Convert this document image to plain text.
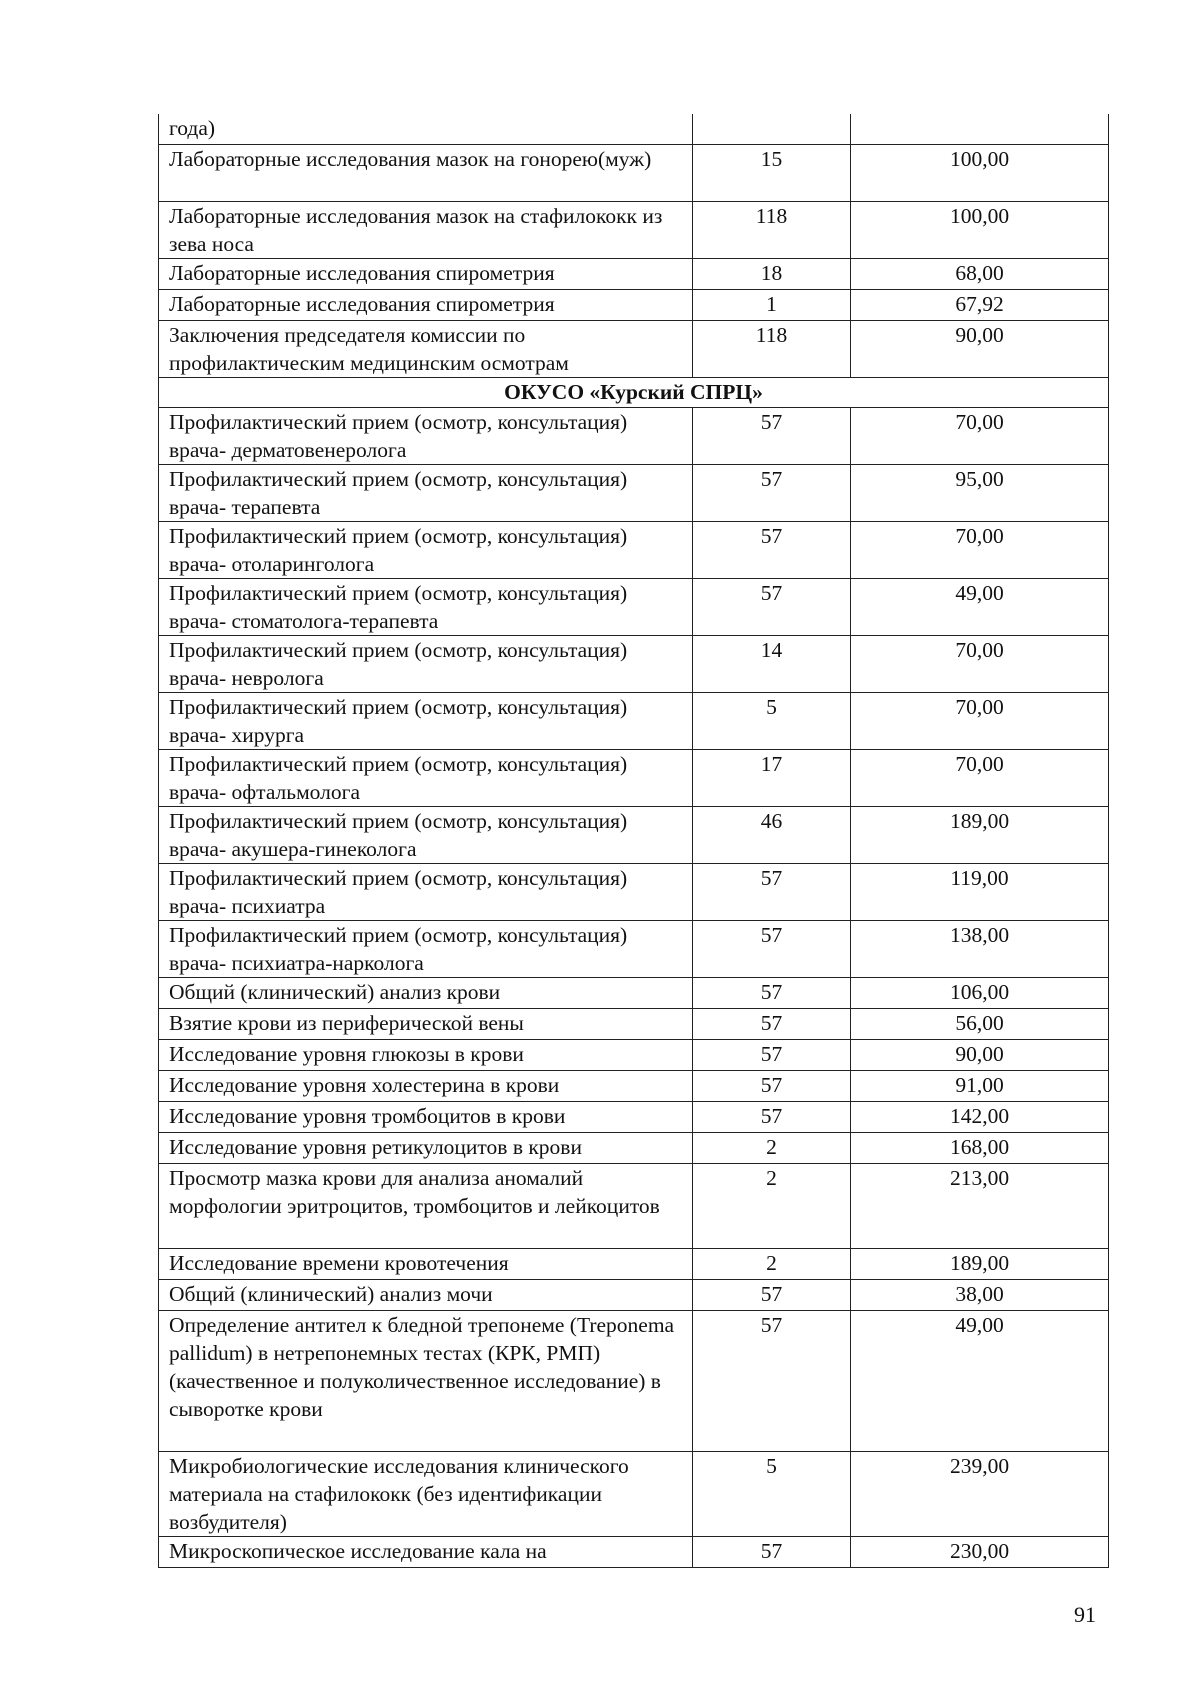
года)		
Лабораторные исследования мазок на гонорею(муж)	15	100,00
Лабораторные исследования мазок на стафилококк из зева носа	118	100,00
Лабораторные исследования спирометрия	18	68,00
Лабораторные исследования спирометрия	1	67,92
Заключения председателя комиссии по профилактическим медицинским осмотрам	118	90,00
ОКУСО «Курский СПРЦ»		
Профилактический прием (осмотр, консультация) врача- дерматовенеролога	57	70,00
Профилактический прием (осмотр, консультация) врача- терапевта	57	95,00
Профилактический прием (осмотр, консультация) врача- отоларинголога	57	70,00
Профилактический прием (осмотр, консультация) врача- стоматолога-терапевта	57	49,00
Профилактический прием (осмотр, консультация) врача- невролога	14	70,00
Профилактический прием (осмотр, консультация) врача- хирурга	5	70,00
Профилактический прием (осмотр, консультация) врача- офтальмолога	17	70,00
Профилактический прием (осмотр, консультация) врача- акушера-гинеколога	46	189,00
Профилактический прием (осмотр, консультация) врача- психиатра	57	119,00
Профилактический прием (осмотр, консультация) врача- психиатра-нарколога	57	138,00
Общий (клинический) анализ крови	57	106,00
Взятие крови из периферической вены	57	56,00
Исследование уровня глюкозы в крови	57	90,00
Исследование уровня холестерина в крови	57	91,00
Исследование уровня тромбоцитов в крови	57	142,00
Исследование уровня ретикулоцитов в крови	2	168,00
Просмотр мазка крови для анализа аномалий морфологии эритроцитов, тромбоцитов и лейкоцитов	2	213,00
Исследование времени кровотечения	2	189,00
Общий (клинический) анализ мочи	57	38,00
Определение антител к бледной трепонеме (Treponema pallidum) в нетрепонемных тестах (КРК, РМП) (качественное и полуколичественное исследование) в сыворотке крови	57	49,00
Микробиологические исследования клинического материала на стафилококк (без идентификации возбудителя)	5	239,00
Микроскопическое исследование кала на	57	230,00
91
